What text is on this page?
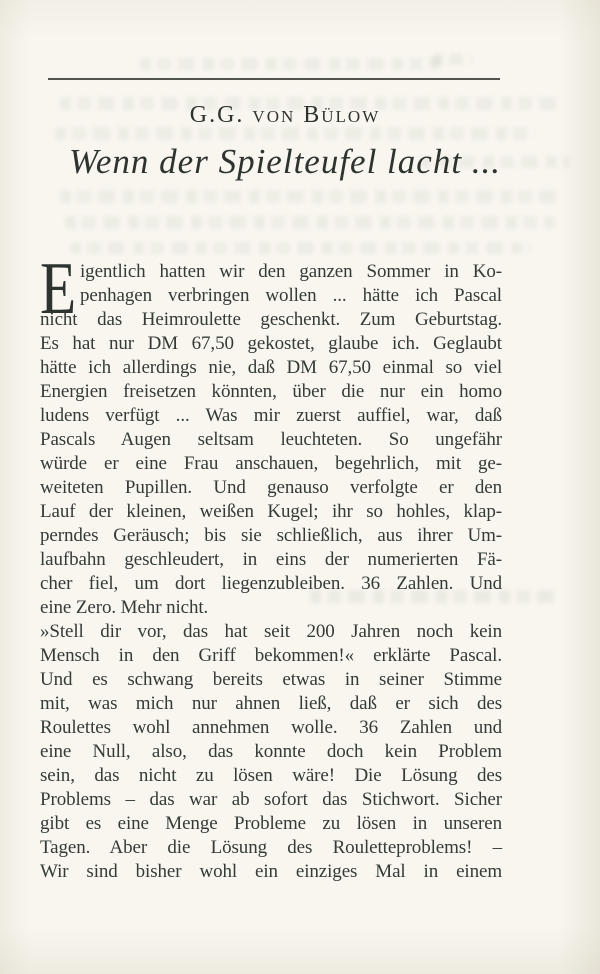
G.G. von Bülow
Wenn der Spielteufel lacht ...
E igentlich hatten wir den ganzen Sommer in Ko-
penhagen verbringen wollen ... hätte ich Pascal
nicht das Heimroulette geschenkt. Zum Geburtstag.
Es hat nur DM 67,50 gekostet, glaube ich. Geglaubt
hätte ich allerdings nie, daß DM 67,50 einmal so viel
Energien freisetzen könnten, über die nur ein homo
ludens verfügt ... Was mir zuerst auffiel, war, daß
Pascals Augen seltsam leuchteten. So ungefähr
würde er eine Frau anschauen, begehrlich, mit ge-
weiteten Pupillen. Und genauso verfolgte er den
Lauf der kleinen, weißen Kugel; ihr so hohles, klap-
perndes Geräusch; bis sie schließlich, aus ihrer Um-
laufbahn geschleudert, in eins der numerierten Fä-
cher fiel, um dort liegenzubleiben. 36 Zahlen. Und
eine Zero. Mehr nicht.
»Stell dir vor, das hat seit 200 Jahren noch kein
Mensch in den Griff bekommen!« erklärte Pascal.
Und es schwang bereits etwas in seiner Stimme
mit, was mich nur ahnen ließ, daß er sich des
Roulettes wohl annehmen wolle. 36 Zahlen und
eine Null, also, das konnte doch kein Problem
sein, das nicht zu lösen wäre! Die Lösung des
Problems – das war ab sofort das Stichwort. Sicher
gibt es eine Menge Probleme zu lösen in unseren
Tagen. Aber die Lösung des Rouletteproblems! –
Wir sind bisher wohl ein einziges Mal in einem
